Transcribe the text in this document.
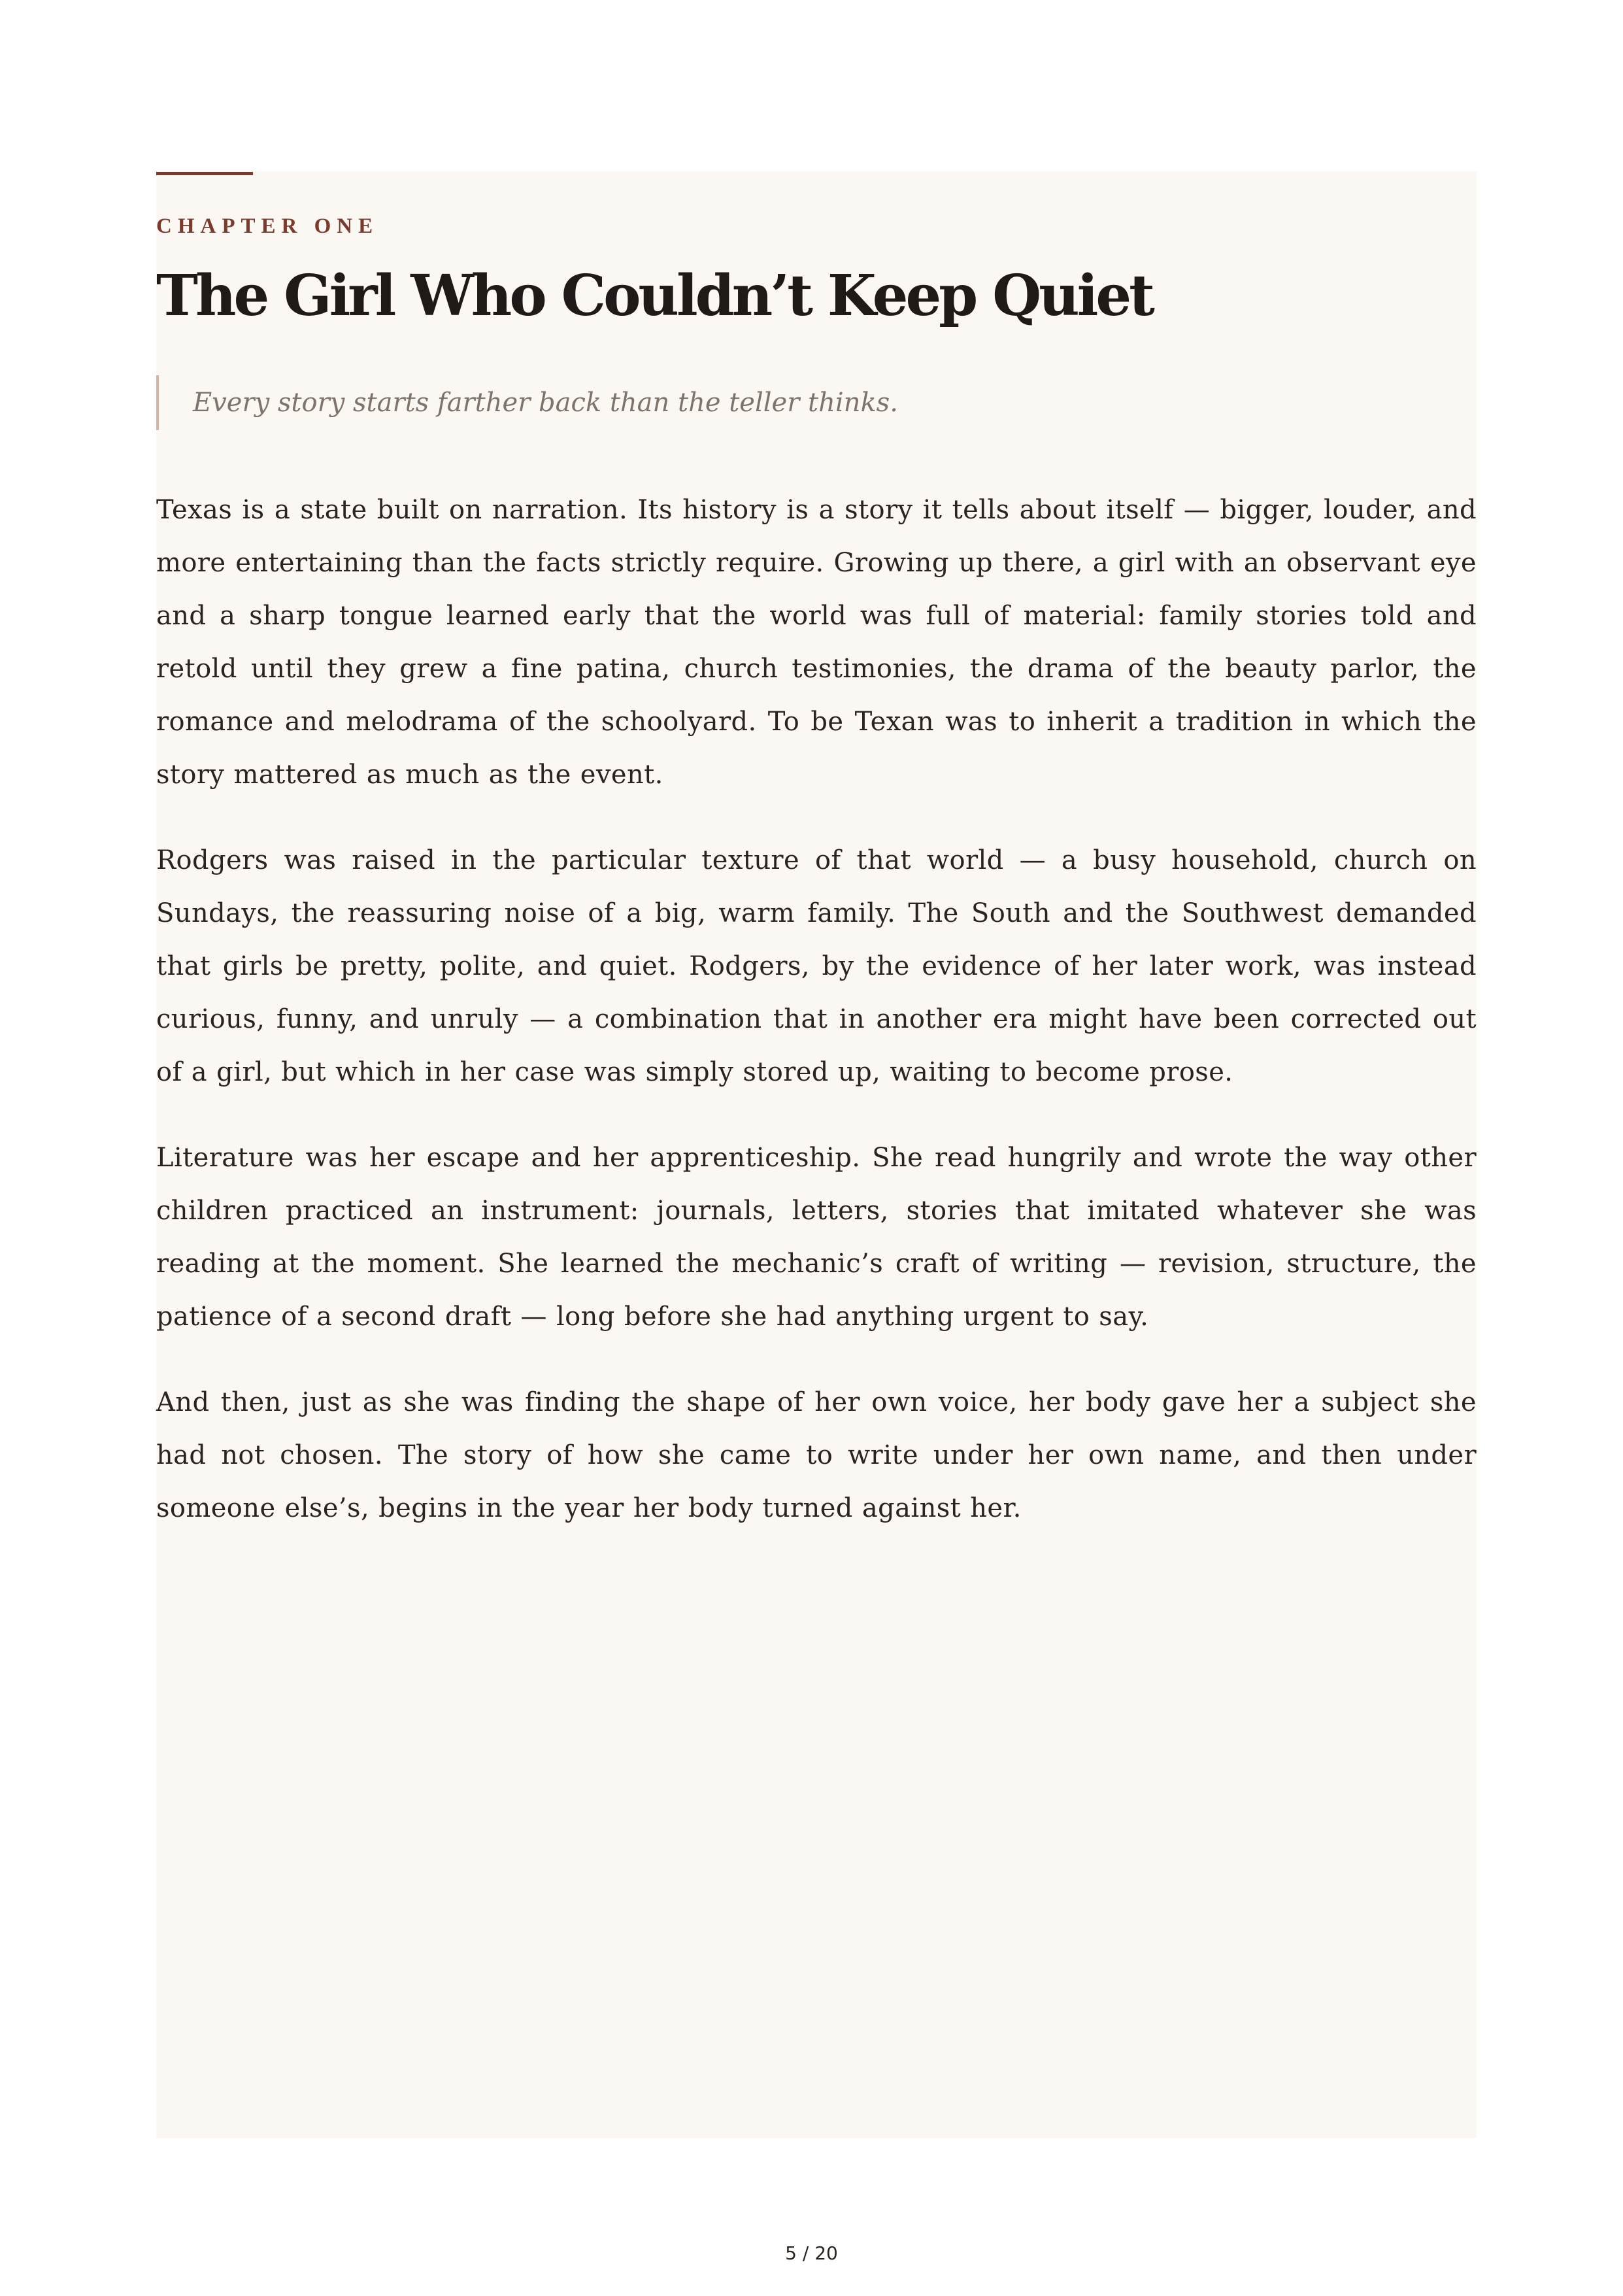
CHAPTER ONE
The Girl Who Couldn’t Keep Quiet
Every story starts farther back than the teller thinks.

Texas is a state built on narration. Its history is a story it tells about itself — bigger, louder, and more entertaining than the facts strictly require. Growing up there, a girl with an observant eye and a sharp tongue learned early that the world was full of material: family stories told and retold until they grew a fine patina, church testimonies, the drama of the beauty parlor, the romance and melodrama of the schoolyard. To be Texan was to inherit a tradition in which the story mattered as much as the event.

Rodgers was raised in the particular texture of that world — a busy household, church on Sundays, the reassuring noise of a big, warm family. The South and the Southwest demanded that girls be pretty, polite, and quiet. Rodgers, by the evidence of her later work, was instead curious, funny, and unruly — a combination that in another era might have been corrected out of a girl, but which in her case was simply stored up, waiting to become prose.

Literature was her escape and her apprenticeship. She read hungrily and wrote the way other children practiced an instrument: journals, letters, stories that imitated whatever she was reading at the moment. She learned the mechanic’s craft of writing — revision, structure, the patience of a second draft — long before she had anything urgent to say.

And then, just as she was finding the shape of her own voice, her body gave her a subject she had not chosen. The story of how she came to write under her own name, and then under someone else’s, begins in the year her body turned against her.

5 / 20
